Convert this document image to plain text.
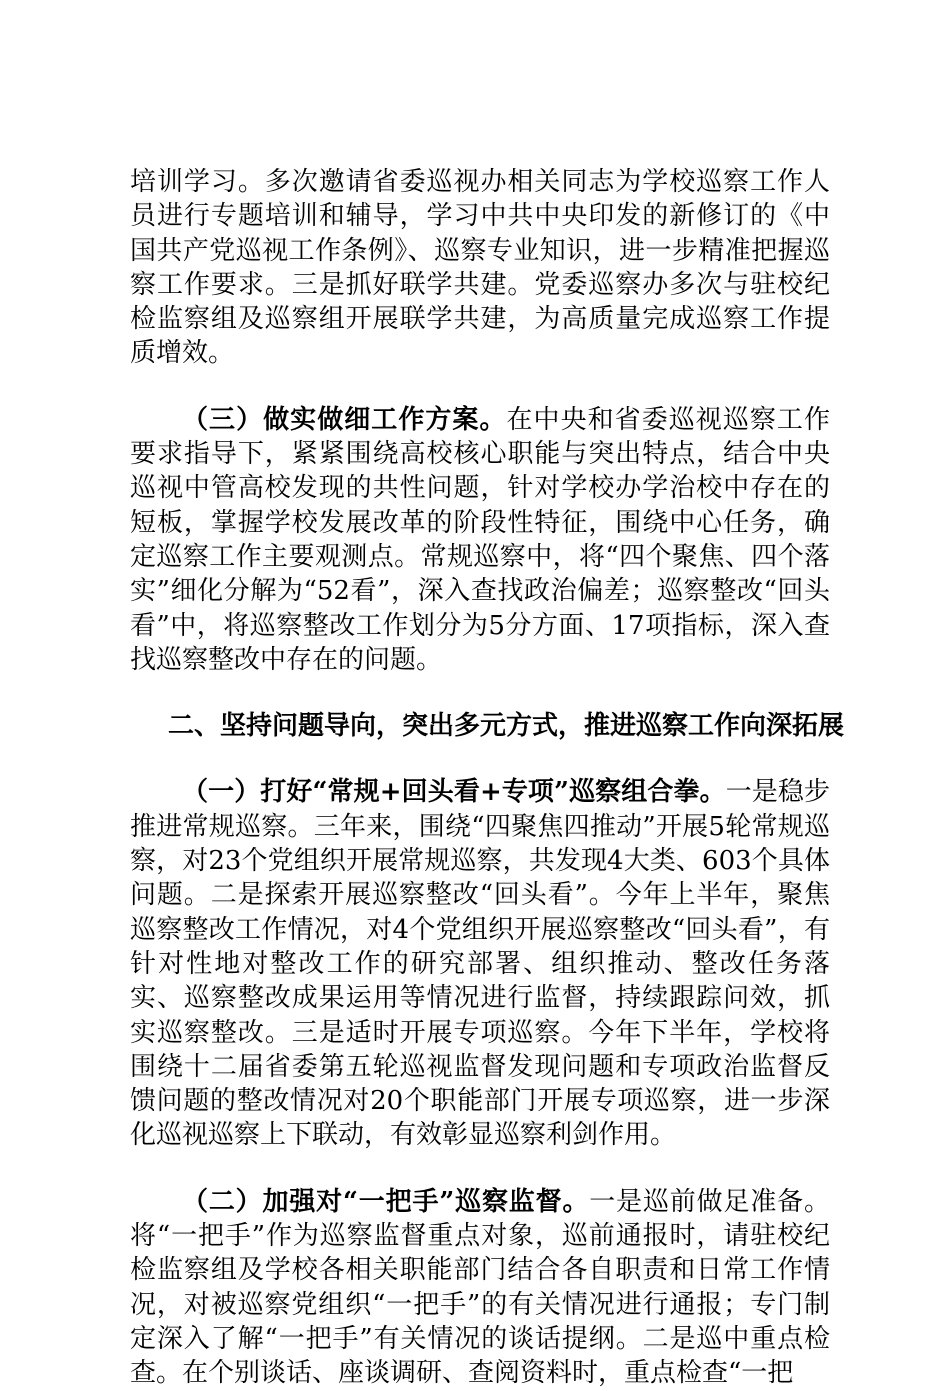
培训学习。多次邀请省委巡视办相关同志为学校巡察工作人员进行专题培训和辅导，学习中共中央印发的新修订的《中国共产党巡视工作条例》、巡察专业知识，进一步精准把握巡察工作要求。三是抓好联学共建。党委巡察办多次与驻校纪检监察组及巡察组开展联学共建，为高质量完成巡察工作提质增效。

（三）做实做细工作方案。在中央和省委巡视巡察工作要求指导下，紧紧围绕高校核心职能与突出特点，结合中央巡视中管高校发现的共性问题，针对学校办学治校中存在的短板，掌握学校发展改革的阶段性特征，围绕中心任务，确定巡察工作主要观测点。常规巡察中，将“四个聚焦、四个落实”细化分解为“52看”，深入查找政治偏差；巡察整改“回头看”中，将巡察整改工作划分为5分方面、17项指标，深入查找巡察整改中存在的问题。

二、坚持问题导向，突出多元方式，推进巡察工作向深拓展

（一）打好“常规+回头看+专项”巡察组合拳。一是稳步推进常规巡察。三年来，围绕“四聚焦四推动”开展5轮常规巡察，对23个党组织开展常规巡察，共发现4大类、603个具体问题。二是探索开展巡察整改“回头看”。今年上半年，聚焦巡察整改工作情况，对4个党组织开展巡察整改“回头看”，有针对性地对整改工作的研究部署、组织推动、整改任务落实、巡察整改成果运用等情况进行监督，持续跟踪问效，抓实巡察整改。三是适时开展专项巡察。今年下半年，学校将围绕十二届省委第五轮巡视监督发现问题和专项政治监督反馈问题的整改情况对20个职能部门开展专项巡察，进一步深化巡视巡察上下联动，有效彰显巡察利剑作用。

（二）加强对“一把手”巡察监督。一是巡前做足准备。将“一把手”作为巡察监督重点对象，巡前通报时，请驻校纪检监察组及学校各相关职能部门结合各自职责和日常工作情况，对被巡察党组织“一把手”的有关情况进行通报；专门制定深入了解“一把手”有关情况的谈话提纲。二是巡中重点检查。在个别谈话、座谈调研、查阅资料时，重点检查“一把
